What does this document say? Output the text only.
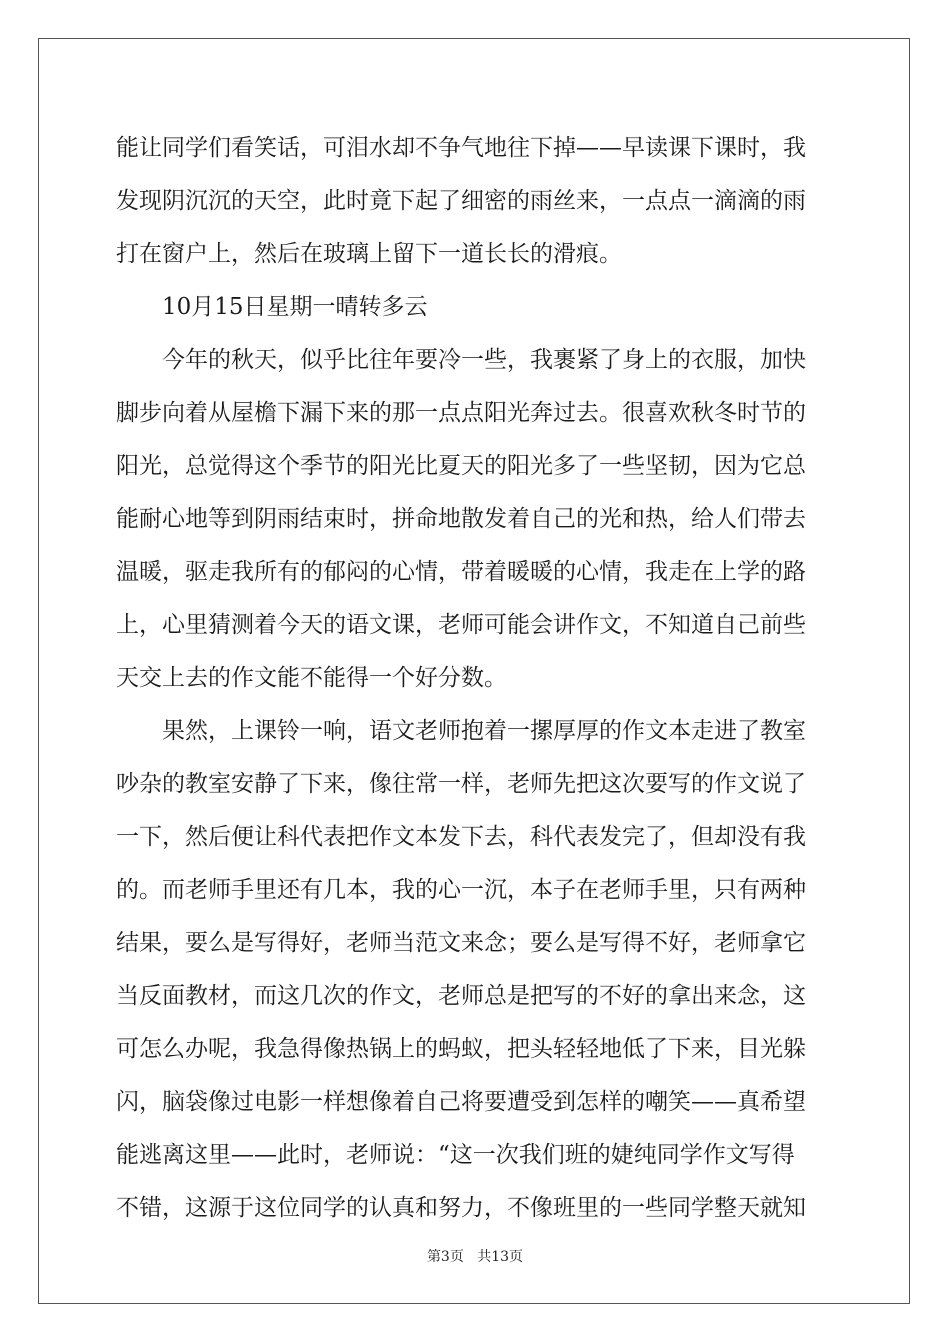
能让同学们看笑话，可泪水却不争气地往下掉——早读课下课时，我
发现阴沉沉的天空，此时竟下起了细密的雨丝来，一点点一滴滴的雨
打在窗户上，然后在玻璃上留下一道长长的滑痕。
10月15日星期一晴转多云
今年的秋天，似乎比往年要冷一些，我裹紧了身上的衣服，加快
脚步向着从屋檐下漏下来的那一点点阳光奔过去。很喜欢秋冬时节的
阳光，总觉得这个季节的阳光比夏天的阳光多了一些坚韧，因为它总
能耐心地等到阴雨结束时，拼命地散发着自己的光和热，给人们带去
温暖，驱走我所有的郁闷的心情，带着暖暖的心情，我走在上学的路
上，心里猜测着今天的语文课，老师可能会讲作文，不知道自己前些
天交上去的作文能不能得一个好分数。
果然，上课铃一响，语文老师抱着一摞厚厚的作文本走进了教室
吵杂的教室安静了下来，像往常一样，老师先把这次要写的作文说了
一下，然后便让科代表把作文本发下去，科代表发完了，但却没有我
的。而老师手里还有几本，我的心一沉，本子在老师手里，只有两种
结果，要么是写得好，老师当范文来念；要么是写得不好，老师拿它
当反面教材，而这几次的作文，老师总是把写的不好的拿出来念，这
可怎么办呢，我急得像热锅上的蚂蚁，把头轻轻地低了下来，目光躲
闪，脑袋像过电影一样想像着自己将要遭受到怎样的嘲笑——真希望
能逃离这里——此时，老师说：“这一次我们班的婕纯同学作文写得
不错，这源于这位同学的认真和努力，不像班里的一些同学整天就知
第3页 共13页
